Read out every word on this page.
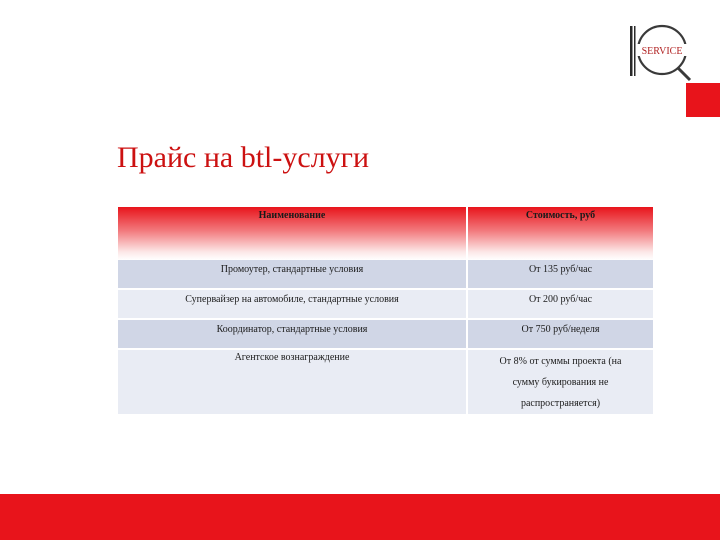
SERVICE
Прайс на btl-услуги
Наименование	Стоимость, руб
Промоутер, стандартные условия	От 135 руб/час
Супервайзер на автомобиле, стандартные условия	От 200 руб/час
Координатор, стандартные условия	От 750 руб/неделя
Агентское вознаграждение	От 8% от суммы проекта (на сумму букирования не распространяется)
